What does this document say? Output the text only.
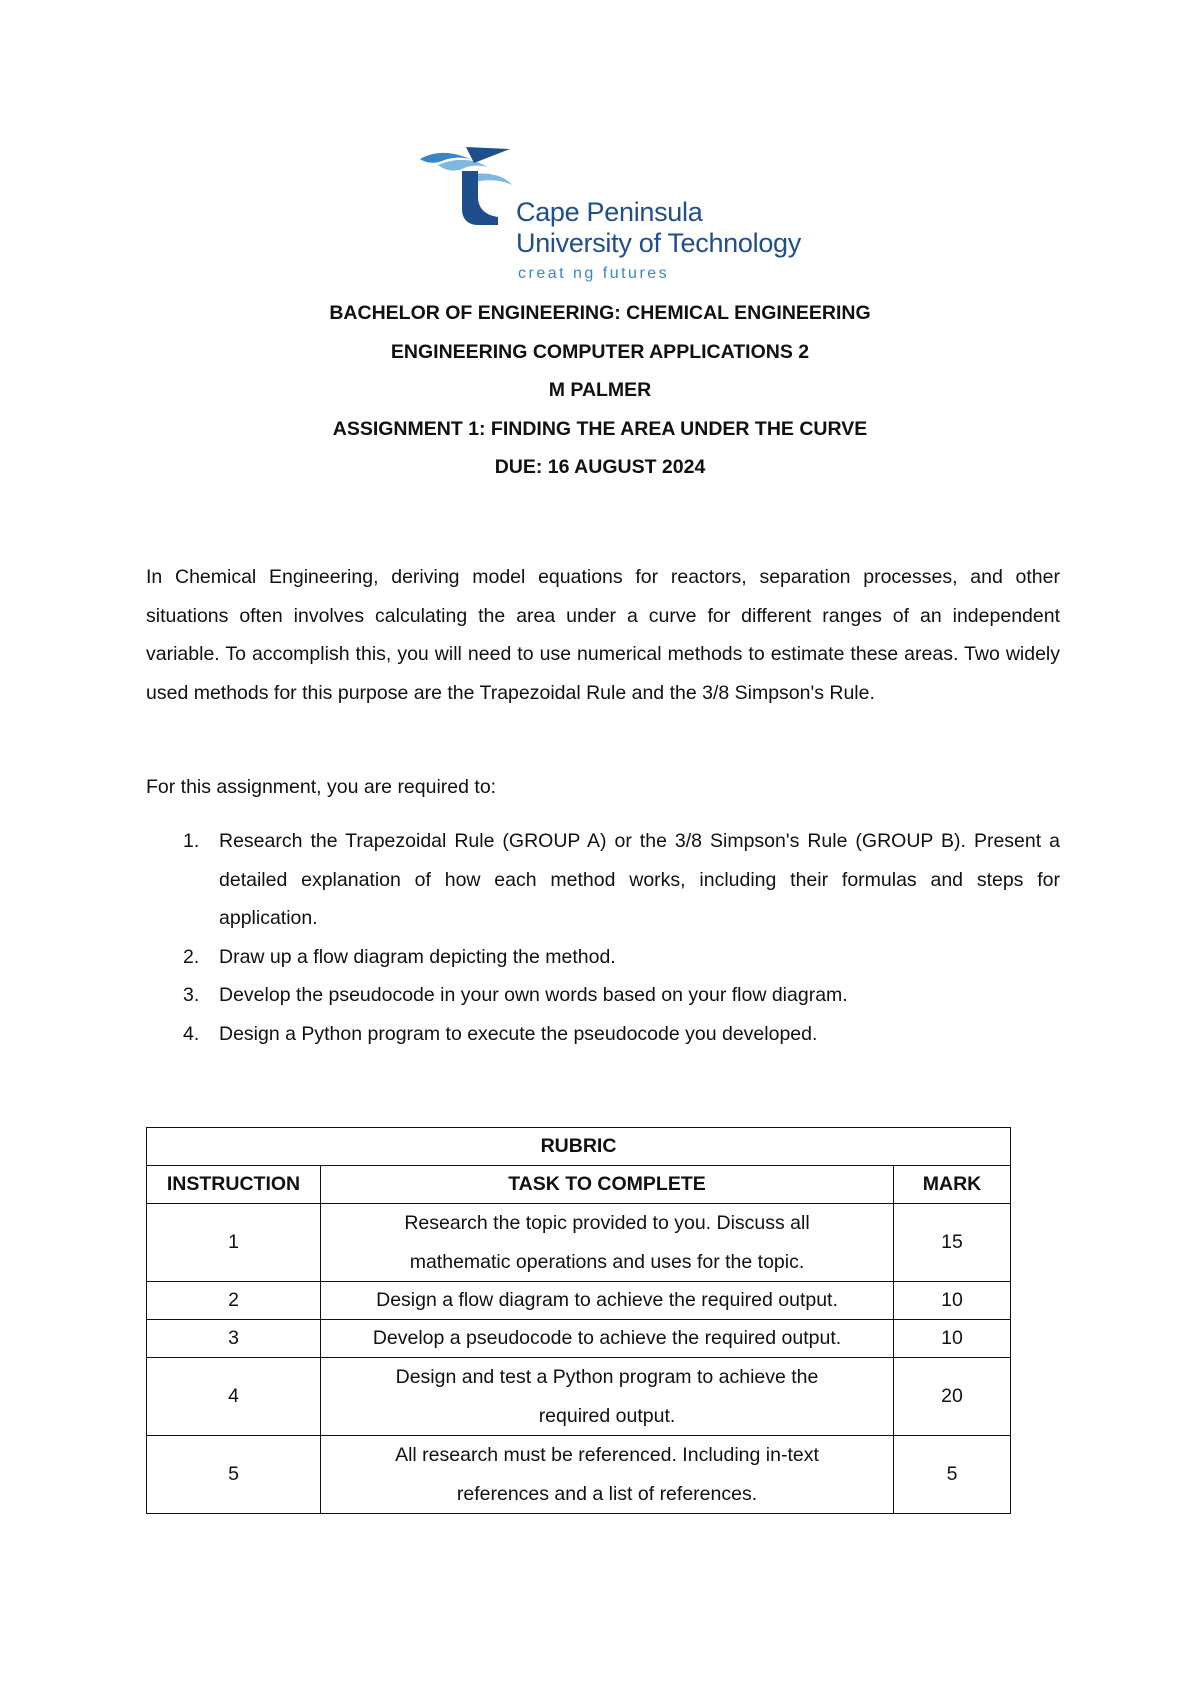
Cape Peninsula
University of Technology
creat ng futures
BACHELOR OF ENGINEERING: CHEMICAL ENGINEERING
ENGINEERING COMPUTER APPLICATIONS 2
M PALMER
ASSIGNMENT 1: FINDING THE AREA UNDER THE CURVE
DUE: 16 AUGUST 2024

In Chemical Engineering, deriving model equations for reactors, separation processes, and other situations often involves calculating the area under a curve for different ranges of an independent variable. To accomplish this, you will need to use numerical methods to estimate these areas. Two widely used methods for this purpose are the Trapezoidal Rule and the 3/8 Simpson's Rule.

For this assignment, you are required to:

1. Research the Trapezoidal Rule (GROUP A) or the 3/8 Simpson's Rule (GROUP B). Present a detailed explanation of how each method works, including their formulas and steps for application.
2. Draw up a flow diagram depicting the method.
3. Develop the pseudocode in your own words based on your flow diagram.
4. Design a Python program to execute the pseudocode you developed.
RUBRIC		
INSTRUCTION	TASK TO COMPLETE	MARK
1	Research the topic provided to you. Discuss all mathematic operations and uses for the topic.	15
2	Design a flow diagram to achieve the required output.	10
3	Develop a pseudocode to achieve the required output.	10
4	Design and test a Python program to achieve the required output.	20
5	All research must be referenced. Including in-text references and a list of references.	5
